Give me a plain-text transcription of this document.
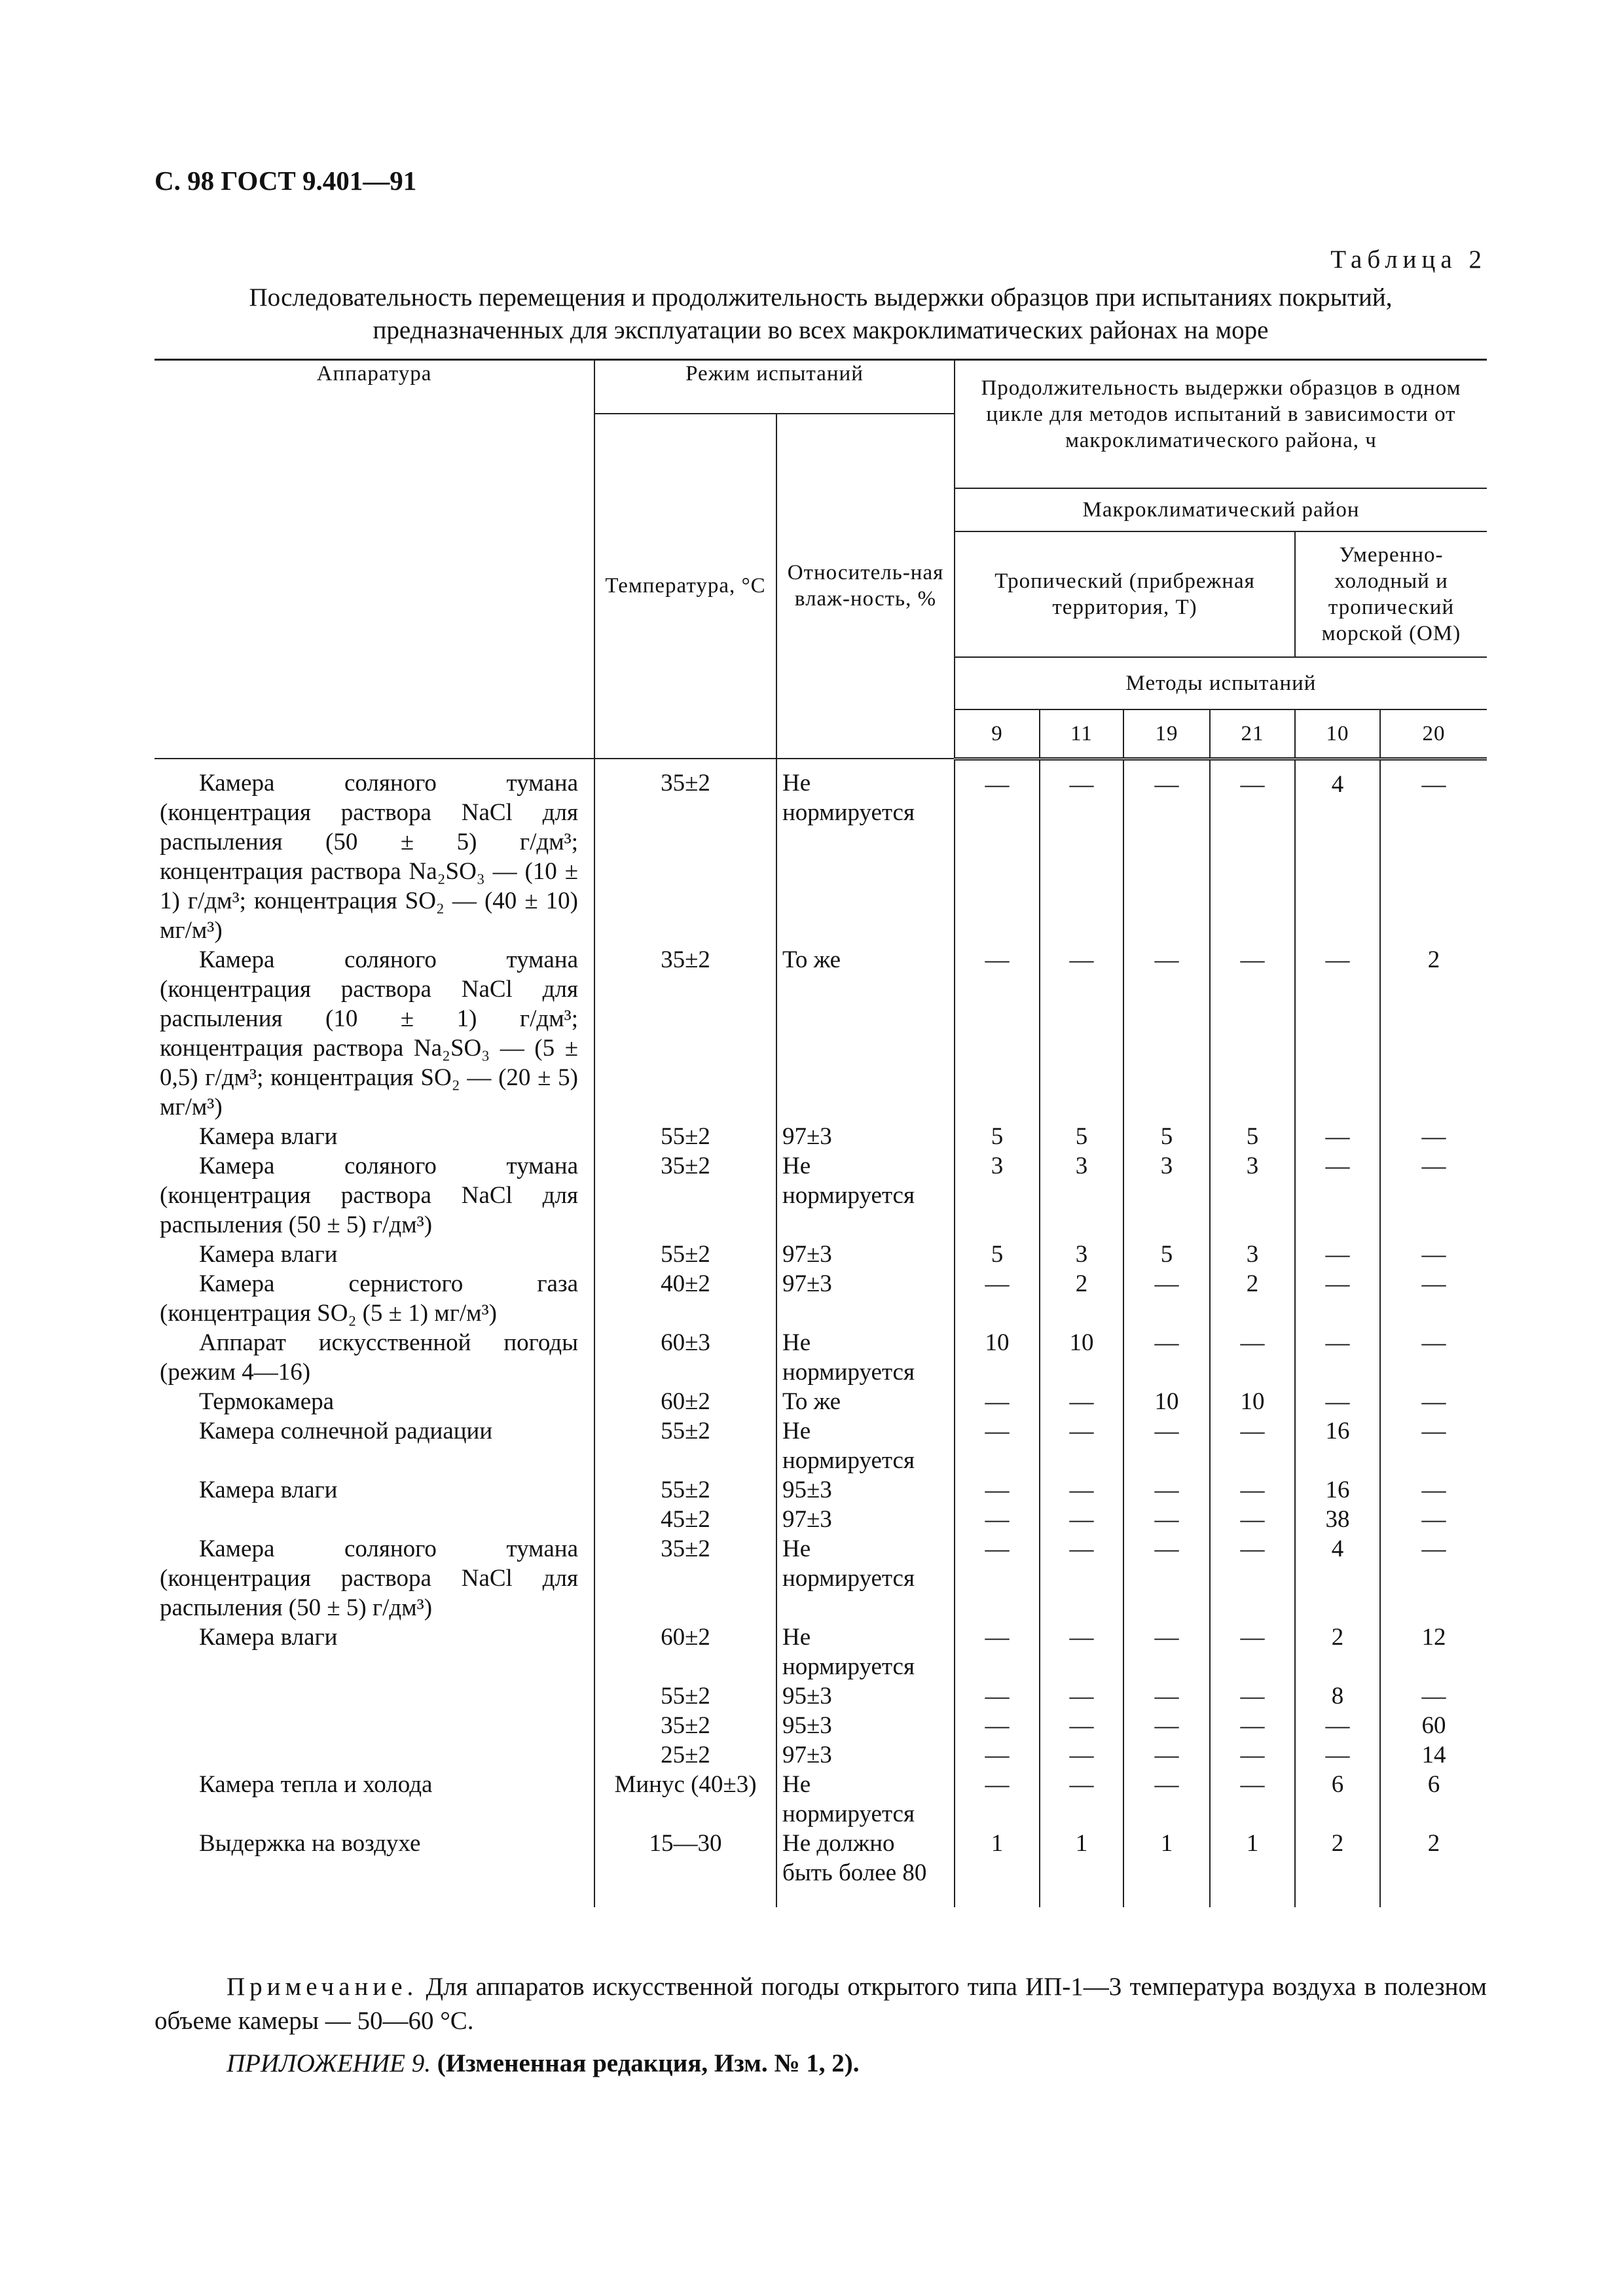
С. 98 ГОСТ 9.401—91
Таблица 2
Последовательность перемещения и продолжительность выдержки образцов при испытаниях покрытий, предназначенных для эксплуатации во всех макроклиматических районах на море
Аппаратура	Режим испытаний		Продолжительность выдержки образцов в одном цикле для методов испытаний в зависимости от макроклиматического района, ч					
	Температура, °С	Относитель-ная влаж-ность, %						
			Макроклиматический район					
			Тропический (прибрежная территория, Т)				Умеренно-холодный и тропический морской (ОМ)	
			Методы испытаний					
			9	11	19	21	10	20
Камера соляного тумана (концентрация раствора NaCl для распыления (50 ± 5) г/дм³; концентрация раствора Na₂SO₃ — (10 ± 1) г/дм³; концентрация SO₂ — (40 ± 10) мг/м³)	35±2	Не нормируется	—	—	—	—	4	—
Камера соляного тумана (концентрация раствора NaCl для распыления (10 ± 1) г/дм³; концентрация раствора Na₂SO₃ — (5 ± 0,5) г/дм³; концентрация SO₂ — (20 ± 5) мг/м³)	35±2	То же	—	—	—	—	—	2
Камера влаги	55±2	97±3	5	5	5	5	—	—
Камера соляного тумана (концентрация раствора NaCl для распыления (50 ± 5) г/дм³)	35±2	Не нормируется	3	3	3	3	—	—
Камера влаги	55±2	97±3	5	3	5	3	—	—
Камера сернистого газа (концентрация SO₂ (5 ± 1) мг/м³)	40±2	97±3	—	2	—	2	—	—
Аппарат искусственной погоды (режим 4—16)	60±3	Не нормируется	10	10	—	—	—	—
Термокамера	60±2	То же	—	—	10	10	—	—
Камера солнечной радиации	55±2	Не нормируется	—	—	—	—	16	—
Камера влаги	55±2	95±3	—	—	—	—	16	—
	45±2	97±3	—	—	—	—	38	—
Камера соляного тумана (концентрация раствора NaCl для распыления (50 ± 5) г/дм³)	35±2	Не нормируется	—	—	—	—	4	—
Камера влаги	60±2	Не нормируется	—	—	—	—	2	12
	55±2	95±3	—	—	—	—	8	—
	35±2	95±3	—	—	—	—	—	60
	25±2	97±3	—	—	—	—	—	14
Камера тепла и холода	Минус (40±3)	Не нормируется	—	—	—	—	6	6
Выдержка на воздухе	15—30	Не должно быть более 80	1	1	1	1	2	2
Примечание. Для аппаратов искусственной погоды открытого типа ИП-1—3 температура воздуха в полезном объеме камеры — 50—60 °С.
ПРИЛОЖЕНИЕ 9. (Измененная редакция, Изм. № 1, 2).
